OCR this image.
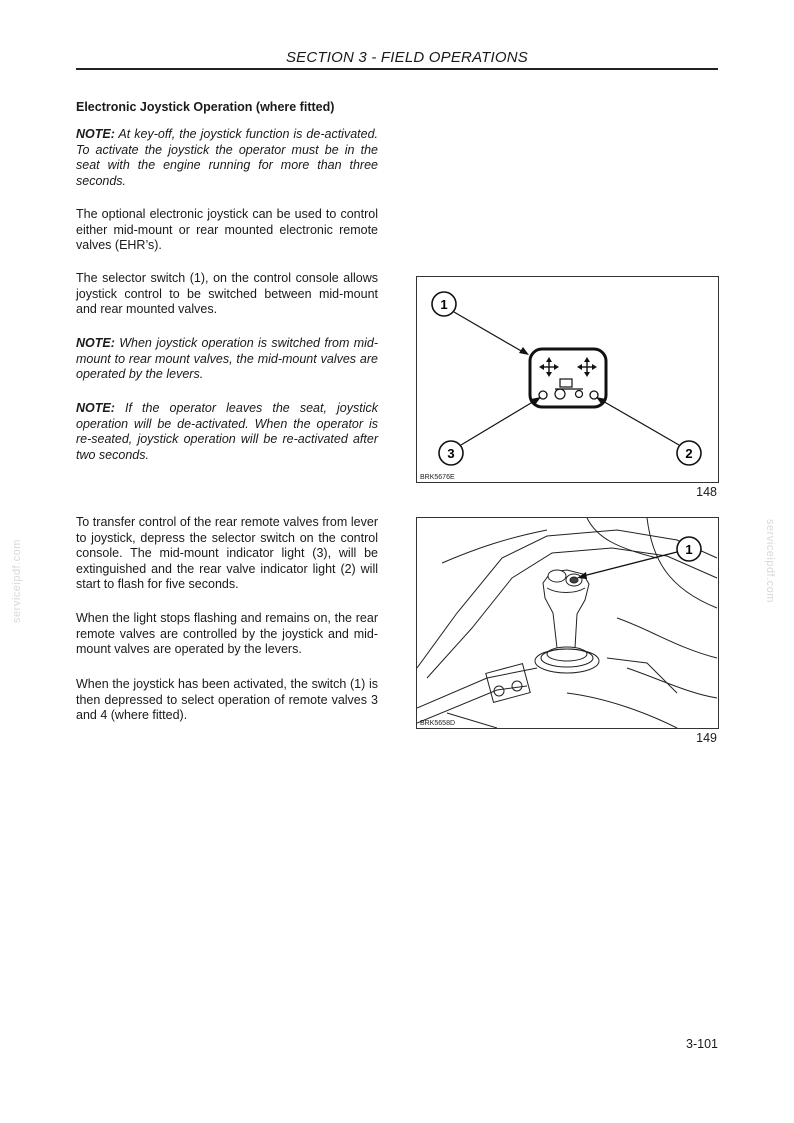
SECTION 3 - FIELD OPERATIONS

Electronic Joystick Operation (where fitted)

NOTE: At key-off, the joystick function is de-activated. To activate the joystick the operator must be in the seat with the engine running for more than three seconds.

The optional electronic joystick can be used to control either mid-mount or rear mounted electronic remote valves (EHR’s).

The selector switch (1), on the control console allows joystick control to be switched between mid-mount and rear mounted valves.

NOTE: When joystick operation is switched from mid-mount to rear mount valves, the mid-mount valves are operated by the levers.

NOTE: If the operator leaves the seat, joystick operation will be de-activated. When the operator is re-seated, joystick operation will be re-activated after two seconds.

To transfer control of the rear remote valves from lever to joystick, depress the selector switch on the control console. The mid-mount indicator light (3), will be extinguished and the rear valve indicator light (2) will start to flash for five seconds.

When the light stops flashing and remains on, the rear remote valves are controlled by the joystick and mid-mount valves are operated by the levers.

When the joystick has been activated, the switch (1) is then depressed to select operation of remote valves 3 and 4 (where fitted).

1
3	2
BRK5676E
148
1
BRK5658D
149
serviceipdf.com	serviceipdf.com
3-101
